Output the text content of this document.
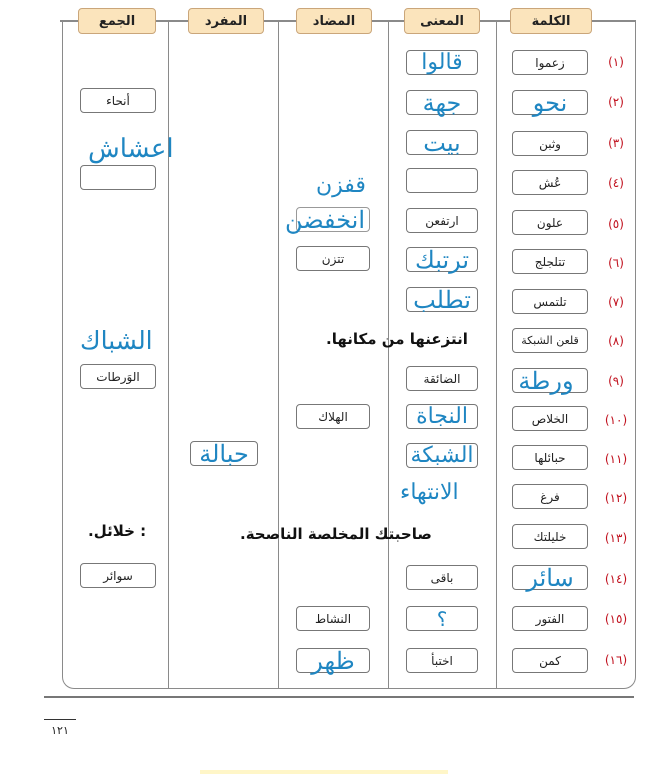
الكلمة
المعنى
المضاد
المفرد
الجمع
(١)
زعموا
قالوا
(٢)
نحو
جهة
أنحاء
(٣)
وثبن
بيت
اعشاش
(٤)
عُش
(٥)
علون
ارتفعن
قفزن
انخفضن
(٦)
تتلجلج
ترتبك
تتزن
(٧)
تلتمس
تطلب
(٨)
قلعن الشبكة
انتزعنها من مكانها.
الشباك
(٩)
ورطة
الضائقة
الوَرطات
(١٠)
الخلاص
النجاة
الهلاك
(١١)
حبائلها
الشبكة
حبالة
(١٢)
فرغ
الانتهاء
(١٣)
خليلتك
صاحبتك المخلصة الناصحة.
: خلائل.
(١٤)
سائر
باقى
سوائر
(١٥)
الفتور
؟
النشاط
(١٦)
كمن
اختبأ
ظهر
١٢١
